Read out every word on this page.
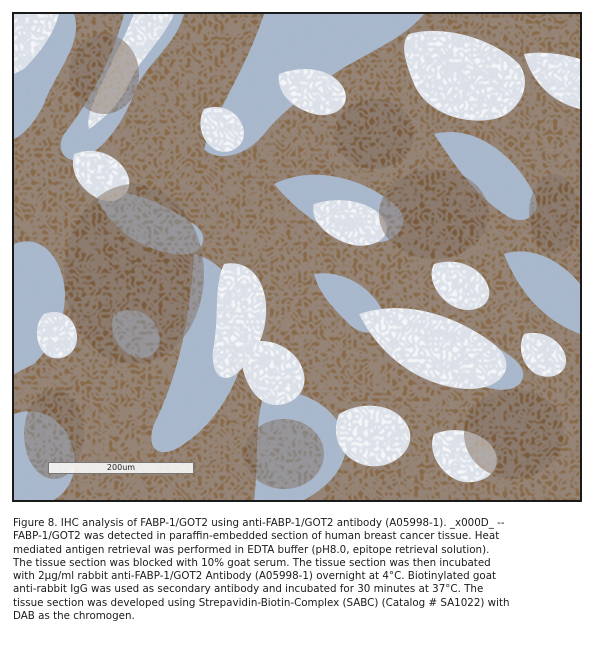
200um

Figure 8. IHC analysis of FABP-1/GOT2 using anti-FABP-1/GOT2 antibody (A05998-1). _x000D_ --
FABP-1/GOT2 was detected in paraffin-embedded section of human breast cancer tissue. Heat
mediated antigen retrieval was performed in EDTA buffer (pH8.0, epitope retrieval solution).
The tissue section was blocked with 10% goat serum. The tissue section was then incubated
with 2μg/ml rabbit anti-FABP-1/GOT2 Antibody (A05998-1) overnight at 4°C. Biotinylated goat
anti-rabbit IgG was used as secondary antibody and incubated for 30 minutes at 37°C. The
tissue section was developed using Strepavidin-Biotin-Complex (SABC) (Catalog # SA1022) with
DAB as the chromogen.
